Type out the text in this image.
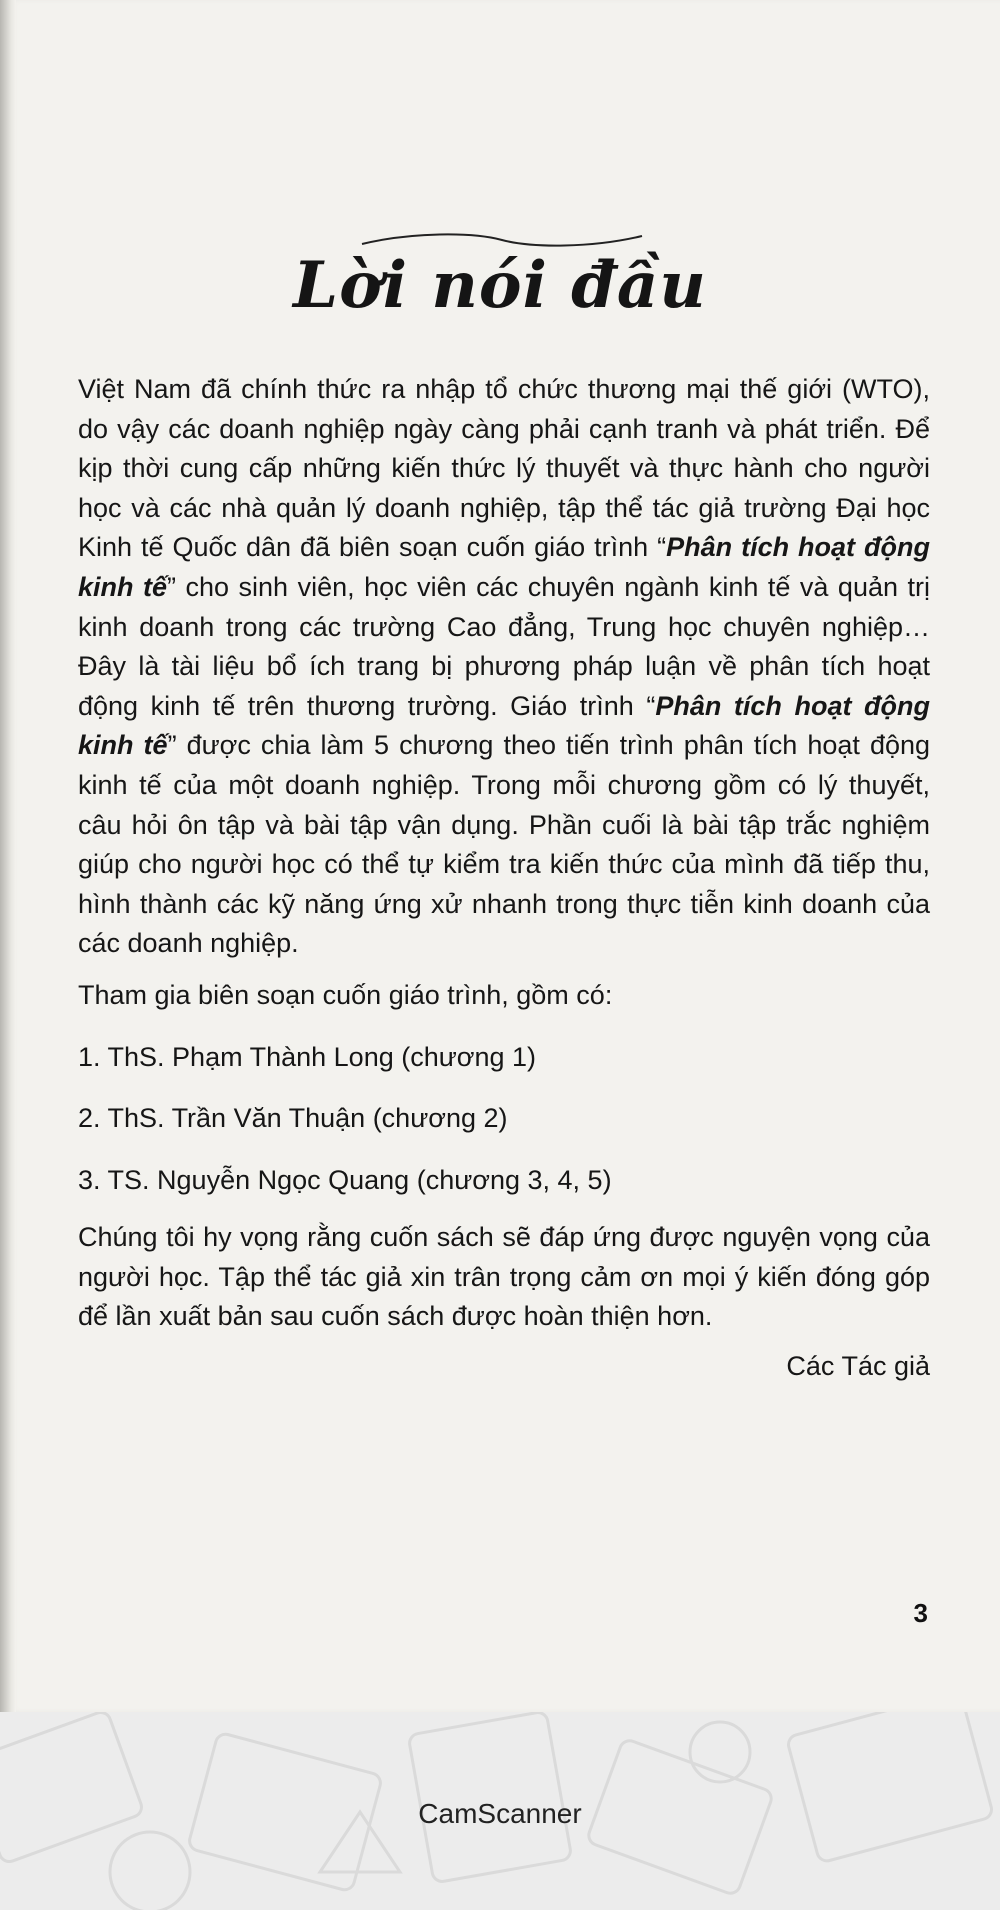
Lời nói đầu

Việt Nam đã chính thức ra nhập tổ chức thương mại thế giới (WTO), do vậy các doanh nghiệp ngày càng phải cạnh tranh và phát triển. Để kịp thời cung cấp những kiến thức lý thuyết và thực hành cho người học và các nhà quản lý doanh nghiệp, tập thể tác giả trường Đại học Kinh tế Quốc dân đã biên soạn cuốn giáo trình “Phân tích hoạt động kinh tế” cho sinh viên, học viên các chuyên ngành kinh tế và quản trị kinh doanh trong các trường Cao đẳng, Trung học chuyên nghiệp… Đây là tài liệu bổ ích trang bị phương pháp luận về phân tích hoạt động kinh tế trên thương trường. Giáo trình “Phân tích hoạt động kinh tế” được chia làm 5 chương theo tiến trình phân tích hoạt động kinh tế của một doanh nghiệp. Trong mỗi chương gồm có lý thuyết, câu hỏi ôn tập và bài tập vận dụng. Phần cuối là bài tập trắc nghiệm giúp cho người học có thể tự kiểm tra kiến thức của mình đã tiếp thu, hình thành các kỹ năng ứng xử nhanh trong thực tiễn kinh doanh của các doanh nghiệp.

Tham gia biên soạn cuốn giáo trình, gồm có:

1. ThS. Phạm Thành Long (chương 1)
2. ThS. Trần Văn Thuận (chương 2)
3. TS. Nguyễn Ngọc Quang (chương 3, 4, 5)

Chúng tôi hy vọng rằng cuốn sách sẽ đáp ứng được nguyện vọng của người học. Tập thể tác giả xin trân trọng cảm ơn mọi ý kiến đóng góp để lần xuất bản sau cuốn sách được hoàn thiện hơn.

Các Tác giả
3
CamScanner
